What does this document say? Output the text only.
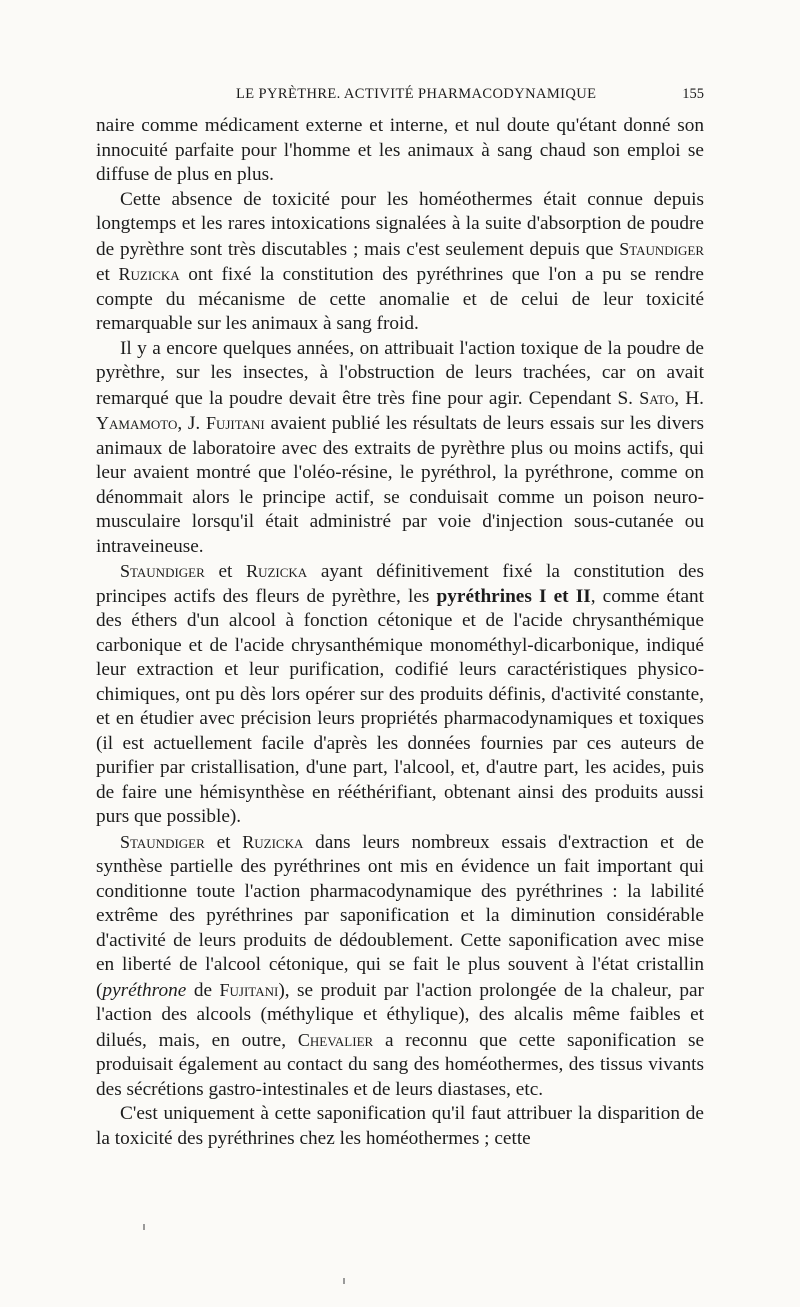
LE PYRÈTHRE. ACTIVITÉ PHARMACODYNAMIQUE	155

naire comme médicament externe et interne, et nul doute qu'étant donné son innocuité parfaite pour l'homme et les animaux à sang chaud son emploi se diffuse de plus en plus.

Cette absence de toxicité pour les homéothermes était connue depuis longtemps et les rares intoxications signalées à la suite d'absorption de poudre de pyrèthre sont très discutables ; mais c'est seulement depuis que Staundiger et Ruzicka ont fixé la constitution des pyréthrines que l'on a pu se rendre compte du mécanisme de cette anomalie et de celui de leur toxicité remarquable sur les animaux à sang froid.

Il y a encore quelques années, on attribuait l'action toxique de la poudre de pyrèthre, sur les insectes, à l'obstruction de leurs trachées, car on avait remarqué que la poudre devait être très fine pour agir. Cependant S. Sato, H. Yamamoto, J. Fujitani avaient publié les résultats de leurs essais sur les divers animaux de laboratoire avec des extraits de pyrèthre plus ou moins actifs, qui leur avaient montré que l'oléo-résine, le pyréthrol, la pyréthrone, comme on dénommait alors le principe actif, se conduisait comme un poison neuro-musculaire lorsqu'il était administré par voie d'injection sous-cutanée ou intraveineuse.

Staundiger et Ruzicka ayant définitivement fixé la constitution des principes actifs des fleurs de pyrèthre, les pyréthrines I et II, comme étant des éthers d'un alcool à fonction cétonique et de l'acide chrysanthémique carbonique et de l'acide chrysanthémique monométhyl-dicarbonique, indiqué leur extraction et leur purification, codifié leurs caractéristiques physico-chimiques, ont pu dès lors opérer sur des produits définis, d'activité constante, et en étudier avec précision leurs propriétés pharmacodynamiques et toxiques (il est actuellement facile d'après les données fournies par ces auteurs de purifier par cristallisation, d'une part, l'alcool, et, d'autre part, les acides, puis de faire une hémisynthèse en rééthérifiant, obtenant ainsi des produits aussi purs que possible).

Staundiger et Ruzicka dans leurs nombreux essais d'extraction et de synthèse partielle des pyréthrines ont mis en évidence un fait important qui conditionne toute l'action pharmacodynamique des pyréthrines : la labilité extrême des pyréthrines par saponification et la diminution considérable d'activité de leurs produits de dédoublement. Cette saponification avec mise en liberté de l'alcool cétonique, qui se fait le plus souvent à l'état cristallin (pyréthrone de Fujitani), se produit par l'action prolongée de la chaleur, par l'action des alcools (méthylique et éthylique), des alcalis même faibles et dilués, mais, en outre, Chevalier a reconnu que cette saponification se produisait également au contact du sang des homéothermes, des tissus vivants des sécrétions gastro-intestinales et de leurs diastases, etc.

C'est uniquement à cette saponification qu'il faut attribuer la disparition de la toxicité des pyréthrines chez les homéothermes ; cette
